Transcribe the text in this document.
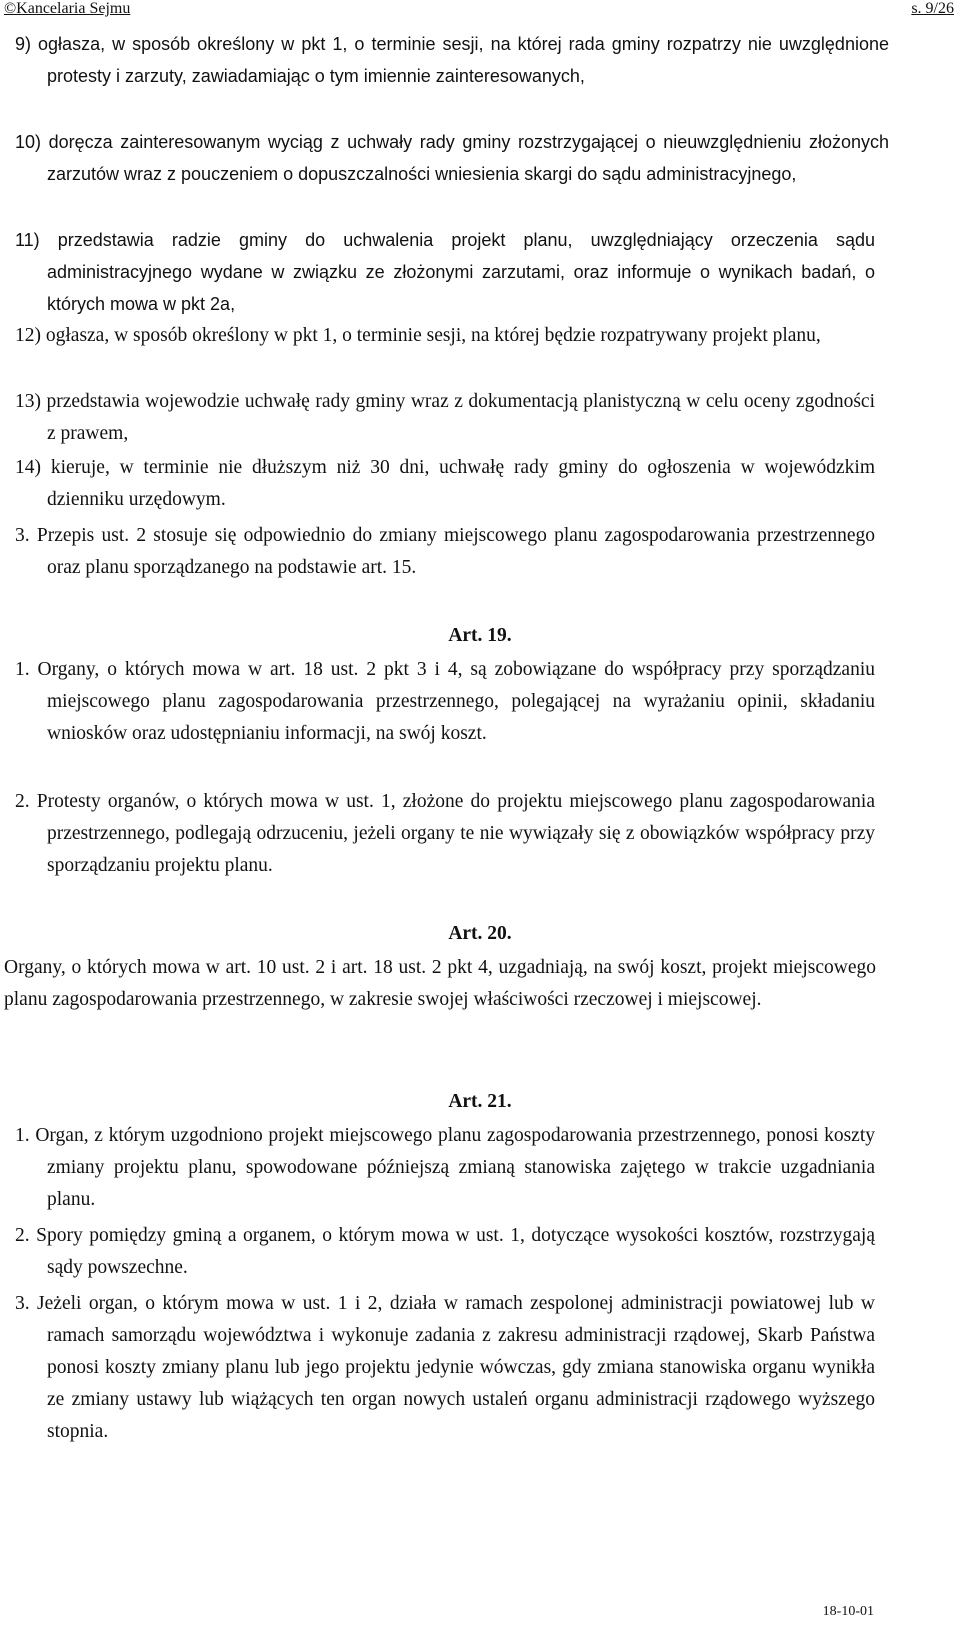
©Kancelaria Sejmu	s. 9/26
9) ogłasza, w sposób określony w pkt 1, o terminie sesji, na której rada gminy rozpatrzy nie uwzględnione protesty i zarzuty, zawiadamiając o tym imiennie zainteresowanych,
10) doręcza zainteresowanym wyciąg z uchwały rady gminy rozstrzygającej o nieuwzględnieniu złożonych zarzutów wraz z pouczeniem o dopuszczalności wniesienia skargi do sądu administracyjnego,
11) przedstawia radzie gminy do uchwalenia projekt planu, uwzględniający orzeczenia sądu administracyjnego wydane w związku ze złożonymi zarzutami, oraz informuje o wynikach badań, o których mowa w pkt 2a,
12) ogłasza, w sposób określony w pkt 1, o terminie sesji, na której będzie rozpatrywany projekt planu,
13) przedstawia wojewodzie uchwałę rady gminy wraz z dokumentacją planistyczną w celu oceny zgodności z prawem,
14) kieruje, w terminie nie dłuższym niż 30 dni, uchwałę rady gminy do ogłoszenia w wojewódzkim dzienniku urzędowym.
3. Przepis ust. 2 stosuje się odpowiednio do zmiany miejscowego planu zagospodarowania przestrzennego oraz planu sporządzanego na podstawie art. 15.
Art. 19.
1. Organy, o których mowa w art. 18 ust. 2 pkt 3 i 4, są zobowiązane do współpracy przy sporządzaniu miejscowego planu zagospodarowania przestrzennego, polegającej na wyrażaniu opinii, składaniu wniosków oraz udostępnianiu informacji, na swój koszt.
2. Protesty organów, o których mowa w ust. 1, złożone do projektu miejscowego planu zagospodarowania przestrzennego, podlegają odrzuceniu, jeżeli organy te nie wywiązały się z obowiązków współpracy przy sporządzaniu projektu planu.
Art. 20.
Organy, o których mowa w art. 10 ust. 2 i art. 18 ust. 2 pkt 4, uzgadniają, na swój koszt, projekt miejscowego planu zagospodarowania przestrzennego, w zakresie swojej właściwości rzeczowej i miejscowej.
Art. 21.
1. Organ, z którym uzgodniono projekt miejscowego planu zagospodarowania przestrzennego, ponosi koszty zmiany projektu planu, spowodowane późniejszą zmianą stanowiska zajętego w trakcie uzgadniania planu.
2. Spory pomiędzy gminą a organem, o którym mowa w ust. 1, dotyczące wysokości kosztów, rozstrzygają sądy powszechne.
3. Jeżeli organ, o którym mowa w ust. 1 i 2, działa w ramach zespolonej administracji powiatowej lub w ramach samorządu województwa i wykonuje zadania z zakresu administracji rządowej, Skarb Państwa ponosi koszty zmiany planu lub jego projektu jedynie wówczas, gdy zmiana stanowiska organu wynikła ze zmiany ustawy lub wiążących ten organ nowych ustaleń organu administracji rządowego wyższego stopnia.
18-10-01
